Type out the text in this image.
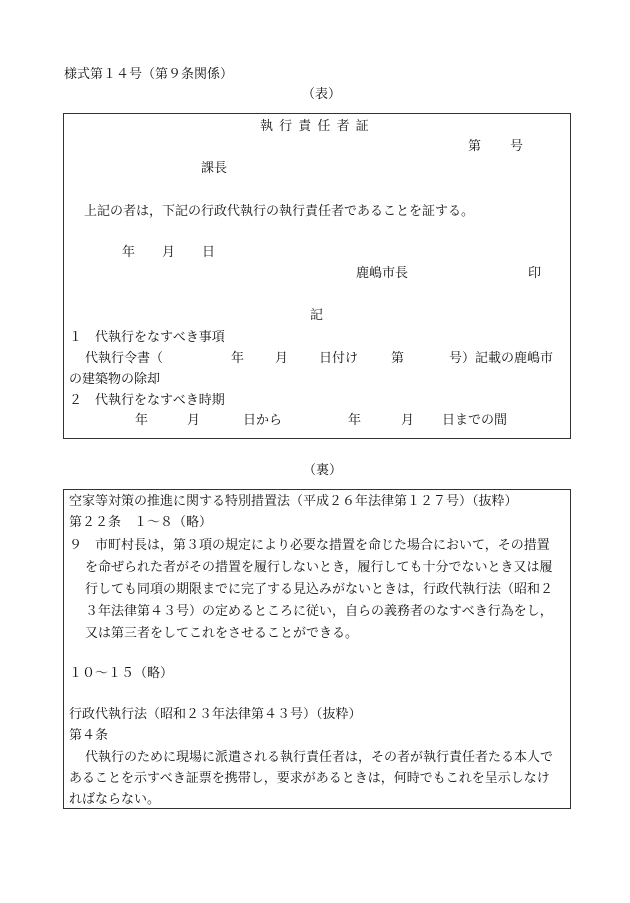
様式第１４号（第９条関係）
（表）
執 行 責 任 者 証
第 号
課長
上記の者は，下記の行政代執行の執行責任者であることを証する。
年 月 日
鹿嶋市長	印
記
１　代執行をなすべき事項
代執行令書（	年 月 日付け	第	号）記載の鹿嶋市
の建築物の除却
２　代執行をなすべき時期
年	月	日から	年	月 日までの間
（裏）
空家等対策の推進に関する特別措置法（平成２６年法律第１２７号）（抜粋）
第２２条　１～８（略）
９　市町村長は，第３項の規定により必要な措置を命じた場合において，その措置
を命ぜられた者がその措置を履行しないとき，履行しても十分でないとき又は履
行しても同項の期限までに完了する見込みがないときは，行政代執行法（昭和２
３年法律第４３号）の定めるところに従い，自らの義務者のなすべき行為をし，
又は第三者をしてこれをさせることができる。
１０～１５（略）
行政代執行法（昭和２３年法律第４３号）（抜粋）
第４条
代執行のために現場に派遣される執行責任者は，その者が執行責任者たる本人で
あることを示すべき証票を携帯し，要求があるときは，何時でもこれを呈示しなけ
ればならない。
